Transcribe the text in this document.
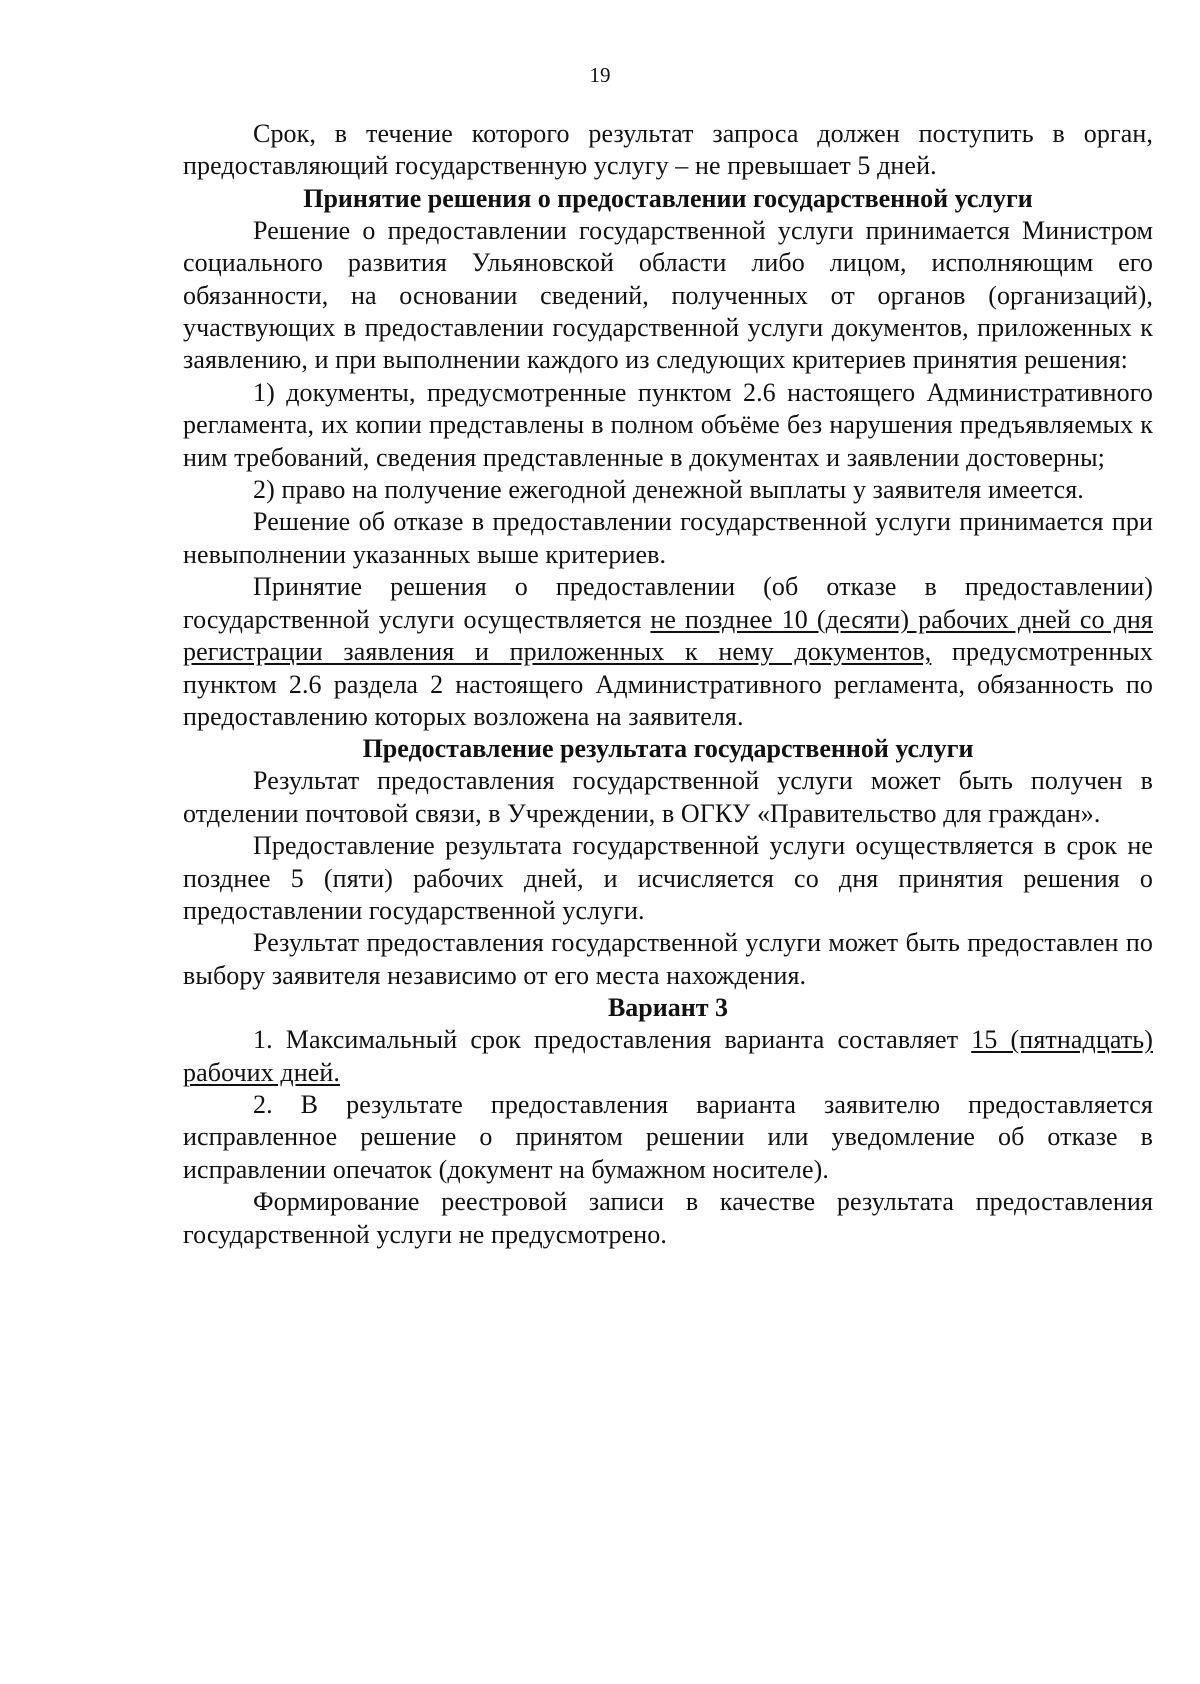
19

Срок, в течение которого результат запроса должен поступить в орган, предоставляющий государственную услугу – не превышает 5 дней.

Принятие решения о предоставлении государственной услуги

Решение о предоставлении государственной услуги принимается Министром социального развития Ульяновской области либо лицом, исполняющим его обязанности, на основании сведений, полученных от органов (организаций), участвующих в предоставлении государственной услуги документов, приложенных к заявлению, и при выполнении каждого из следующих критериев принятия решения:

1) документы, предусмотренные пунктом 2.6 настоящего Административного регламента, их копии представлены в полном объёме без нарушения предъявляемых к ним требований, сведения представленные в документах и заявлении достоверны;

2) право на получение ежегодной денежной выплаты у заявителя имеется.

Решение об отказе в предоставлении государственной услуги принимается при невыполнении указанных выше критериев.

Принятие решения о предоставлении (об отказе в предоставлении) государственной услуги осуществляется не позднее 10 (десяти) рабочих дней со дня регистрации заявления и приложенных к нему документов, предусмотренных пунктом 2.6 раздела 2 настоящего Административного регламента, обязанность по предоставлению которых возложена на заявителя.

Предоставление результата государственной услуги

Результат предоставления государственной услуги может быть получен в отделении почтовой связи, в Учреждении, в ОГКУ «Правительство для граждан».

Предоставление результата государственной услуги осуществляется в срок не позднее 5 (пяти) рабочих дней, и исчисляется со дня принятия решения о предоставлении государственной услуги.

Результат предоставления государственной услуги может быть предоставлен по выбору заявителя независимо от его места нахождения.

Вариант 3

1. Максимальный срок предоставления варианта составляет 15 (пятнадцать) рабочих дней.

2. В результате предоставления варианта заявителю предоставляется исправленное решение о принятом решении или уведомление об отказе в исправлении опечаток (документ на бумажном носителе).

Формирование реестровой записи в качестве результата предоставления государственной услуги не предусмотрено.
